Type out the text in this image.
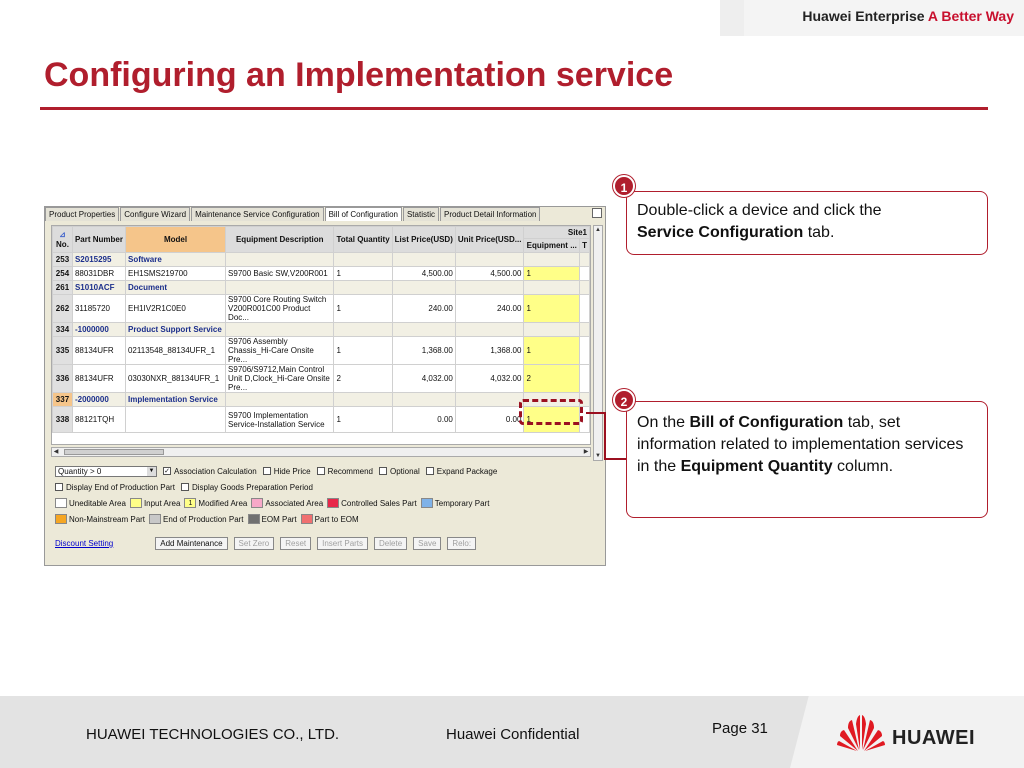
Huawei Enterprise A Better Way
Configuring an Implementation service
Product Properties	Configure Wizard	Maintenance Service Configuration	Bill of Configuration	Statistic	Product Detail Information
⊿
No.	Part Number	Model	Equipment Description	Total Quantity	List Price(USD)	Unit Price(USD...	Site1	
							Equipment ...	T
253	S2015295	Software						
254	88031DBR	EH1SMS219700	S9700 Basic SW,V200R001	1	4,500.00	4,500.00	1	
261	S1010ACF	Document						
262	31185720	EH1IV2R1C0E0	S9700 Core Routing Switch V200R001C00 Product Doc...	1	240.00	240.00	1	
334	-1000000	Product Support Service						
335	88134UFR	02113548_88134UFR_1	S9706 Assembly Chassis_Hi-Care Onsite Pre...	1	1,368.00	1,368.00	1	
336	88134UFR	03030NXR_88134UFR_1	S9706/S9712,Main Control Unit D,Clock_Hi-Care Onsite Pre...	2	4,032.00	4,032.00	2	
337	-2000000	Implementation Service						
338	88121TQH		S9700 Implementation Service-Installation Service	1	0.00	0.00	1	
▲
▼
◀	▶
Quantity > 0	▼ ✓ Association Calculation Hide Price Recommend Optional Expand Package
Display End of Production Part Display Goods Preparation Period
Uneditable Area Input Area	1 Modified Area Associated Area Controlled Sales Part Temporary Part
Non-Mainstream Part End of Production Part EOM Part Part to EOM
Discount Setting	Add Maintenance	Set Zero	Reset	Insert Parts	Delete	Save	Relo:
Double-click a device and click the
Service Configuration tab.
1
On the Bill of Configuration tab, set information related to implementation services in the Equipment Quantity column.
2
HUAWEI TECHNOLOGIES CO., LTD.	Huawei Confidential	Page 31	HUAWEI
